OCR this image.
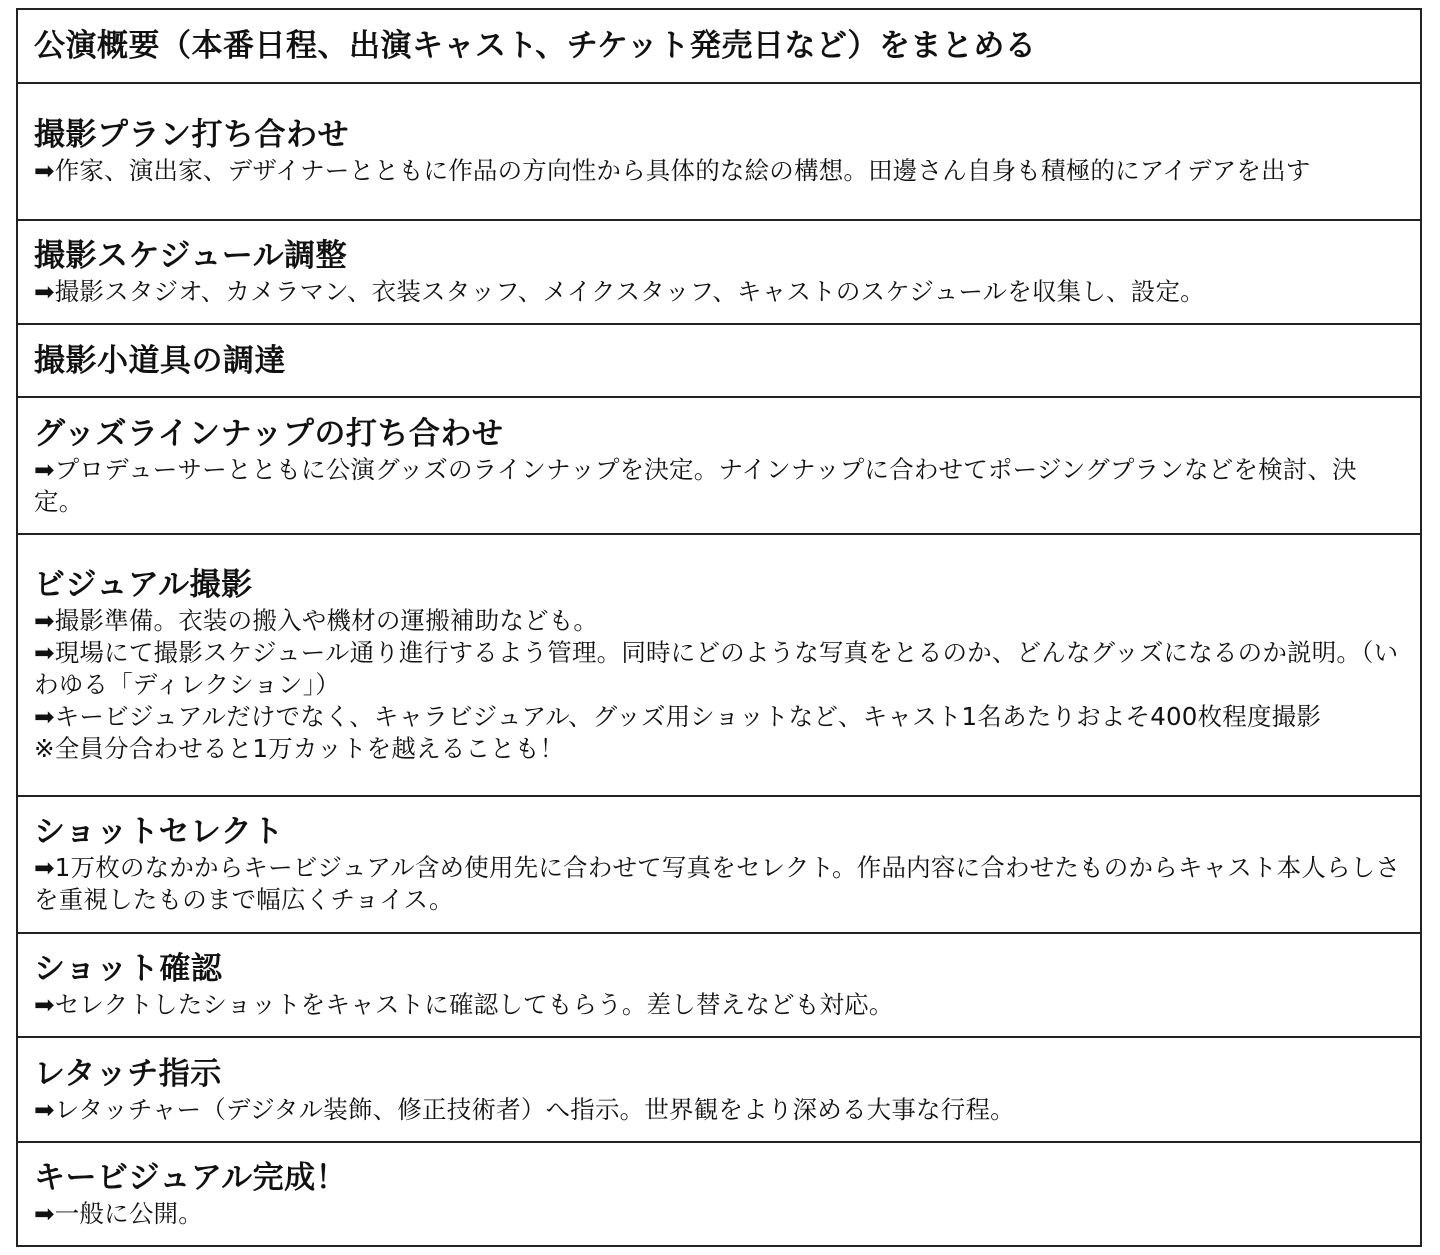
公演概要（本番日程、出演キャスト、チケット発売日など）をまとめる
撮影プラン打ち合わせ
➡作家、演出家、デザイナーとともに作品の方向性から具体的な絵の構想。田邊さん自身も積極的にアイデアを出す
撮影スケジュール調整
➡撮影スタジオ、カメラマン、衣装スタッフ、メイクスタッフ、キャストのスケジュールを収集し、設定。
撮影小道具の調達
グッズラインナップの打ち合わせ
➡プロデューサーとともに公演グッズのラインナップを決定。ナインナップに合わせてポージングプランなどを検討、決定。
ビジュアル撮影
➡撮影準備。衣装の搬入や機材の運搬補助なども。
➡現場にて撮影スケジュール通り進行するよう管理。同時にどのような写真をとるのか、どんなグッズになるのか説明。（いわゆる「ディレクション」）
➡キービジュアルだけでなく、キャラビジュアル、グッズ用ショットなど、キャスト1名あたりおよそ400枚程度撮影
※全員分合わせると1万カットを越えることも！
ショットセレクト
➡1万枚のなかからキービジュアル含め使用先に合わせて写真をセレクト。作品内容に合わせたものからキャスト本人らしさを重視したものまで幅広くチョイス。
ショット確認
➡セレクトしたショットをキャストに確認してもらう。差し替えなども対応。
レタッチ指示
➡レタッチャー（デジタル装飾、修正技術者）へ指示。世界観をより深める大事な行程。
キービジュアル完成！
➡一般に公開。
